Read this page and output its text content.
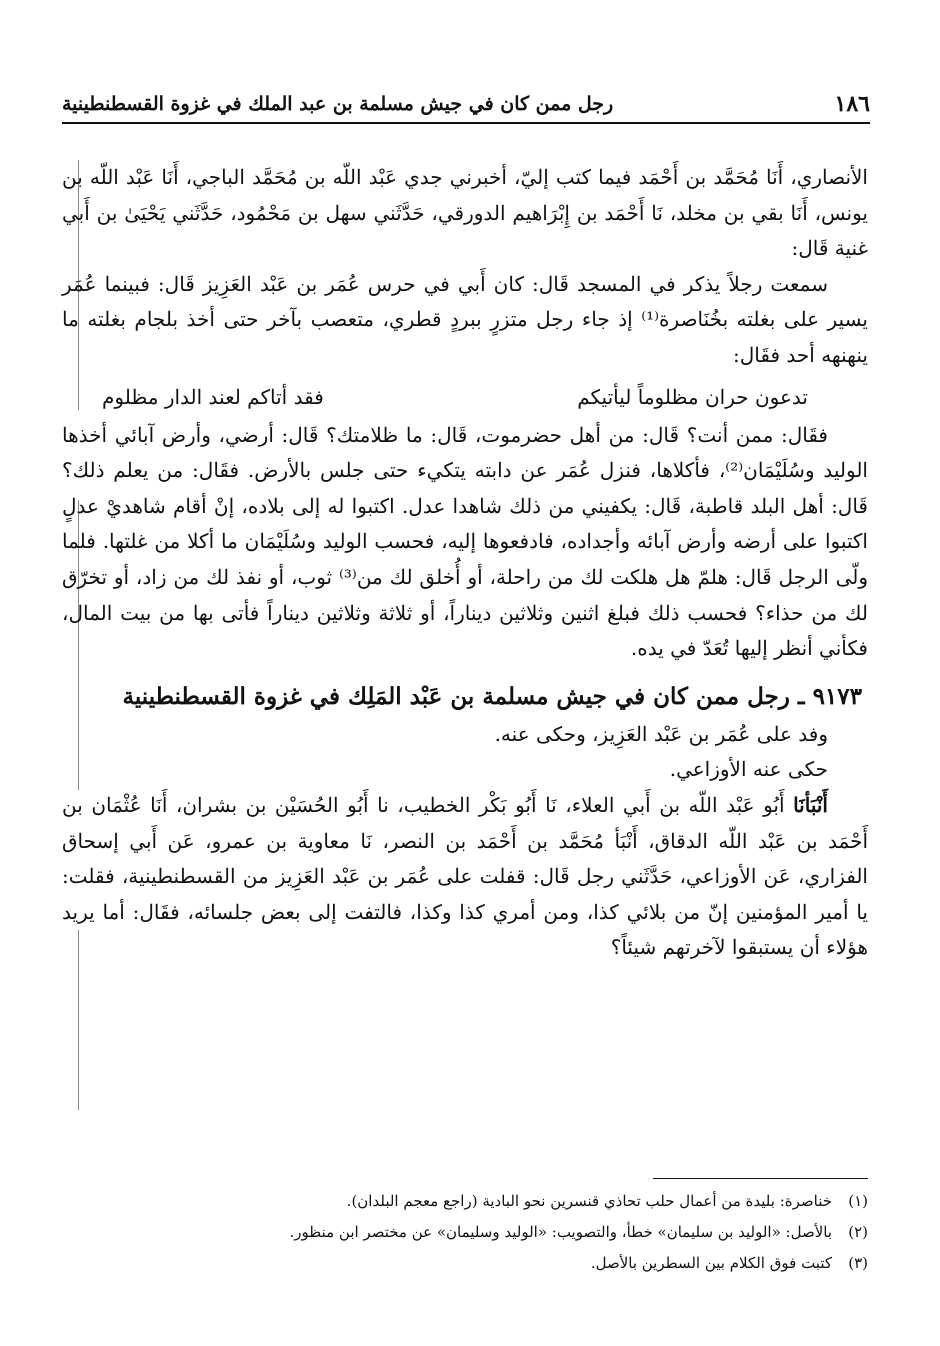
١٨٦
رجل ممن كان في جيش مسلمة بن عبد الملك في غزوة القسطنطينية

الأنصاري، أَنَا مُحَمَّد بن أَحْمَد فيما كتب إليّ، أخبرني جدي عَبْد اللّه بن مُحَمَّد الباجي، أَنَا عَبْد اللّه بن يونس، أَنَا بقي بن مخلد، نَا أَحْمَد بن إِبْرَاهيم الدورقي، حَدَّثَني سهل بن مَحْمُود، حَدَّثَني يَحْيَىٰ بن أَبي غنية قَال:

سمعت رجلاً يذكر في المسجد قَال: كان أَبي في حرس عُمَر بن عَبْد العَزِيز قَال: فبينما عُمَر يسير على بغلته بخُنَاصرة⁽¹⁾ إذ جاء رجل متزرٍ ببردٍ قطري، متعصب بآخر حتى أخذ بلجام بغلته ما ينهنهه أحد فقَال:

تدعون حران مظلوماً ليأتيكم
فقد أتاكم لعند الدار مظلوم

فقَال: ممن أنت؟ قَال: من أهل حضرموت، قَال: ما ظلامتك؟ قَال: أرضي، وأرض آبائي أخذها الوليد وسُلَيْمَان⁽²⁾، فأكلاها، فنزل عُمَر عن دابته يتكيء حتى جلس بالأرض. فقَال: من يعلم ذلك؟ قَال: أهل البلد قاطبة، قَال: يكفيني من ذلك شاهدا عدل. اكتبوا له إلى بلاده، إنْ أقام شاهديْ عدلٍ اكتبوا على أرضه وأرض آبائه وأجداده، فادفعوها إليه، فحسب الوليد وسُلَيْمَان ما أكلا من غلتها. فلما ولّى الرجل قَال: هلمّ هل هلكت لك من راحلة، أو أُخلق لك من⁽³⁾ ثوب، أو نفذ لك من زاد، أو تخرّق لك من حذاء؟ فحسب ذلك فبلغ اثنين وثلاثين ديناراً، أو ثلاثة وثلاثين ديناراً فأتى بها من بيت المال، فكأني أنظر إليها تُعَدّ في يده.

٩١٧٣ ـ رجل ممن كان في جيش مسلمة بن عَبْد المَلِك في غزوة القسطنطينية

وفد على عُمَر بن عَبْد العَزِيز، وحكى عنه.

حكى عنه الأوزاعي.

أَنْبَأنَا أَبُو عَبْد اللّه بن أَبي العلاء، نَا أَبُو بَكْر الخطيب، نا أَبُو الحُسَيْن بن بشران، أَنَا عُثْمَان بن أَحْمَد بن عَبْد اللّه الدقاق، أَنْبَأ مُحَمَّد بن أَحْمَد بن النصر، نَا معاوية بن عمرو، عَن أَبي إسحاق الفزاري، عَن الأوزاعي، حَدَّثَني رجل قَال: قفلت على عُمَر بن عَبْد العَزِيز من القسطنطينية، فقلت: يا أمير المؤمنين إنّ من بلائي كذا، ومن أمري كذا وكذا، فالتفت إلى بعض جلسائه، فقَال: أما يريد هؤلاء أن يستبقوا لآخرتهم شيئاً؟

(١)
خناصرة: بليدة من أعمال حلب تحاذي قنسرين نحو البادية (راجع معجم البلدان).
(٢)
بالأصل: «الوليد بن سليمان» خطأ، والتصويب: «الوليد وسليمان» عن مختصر ابن منظور.
(٣)
كتبت فوق الكلام بين السطرين بالأصل.
